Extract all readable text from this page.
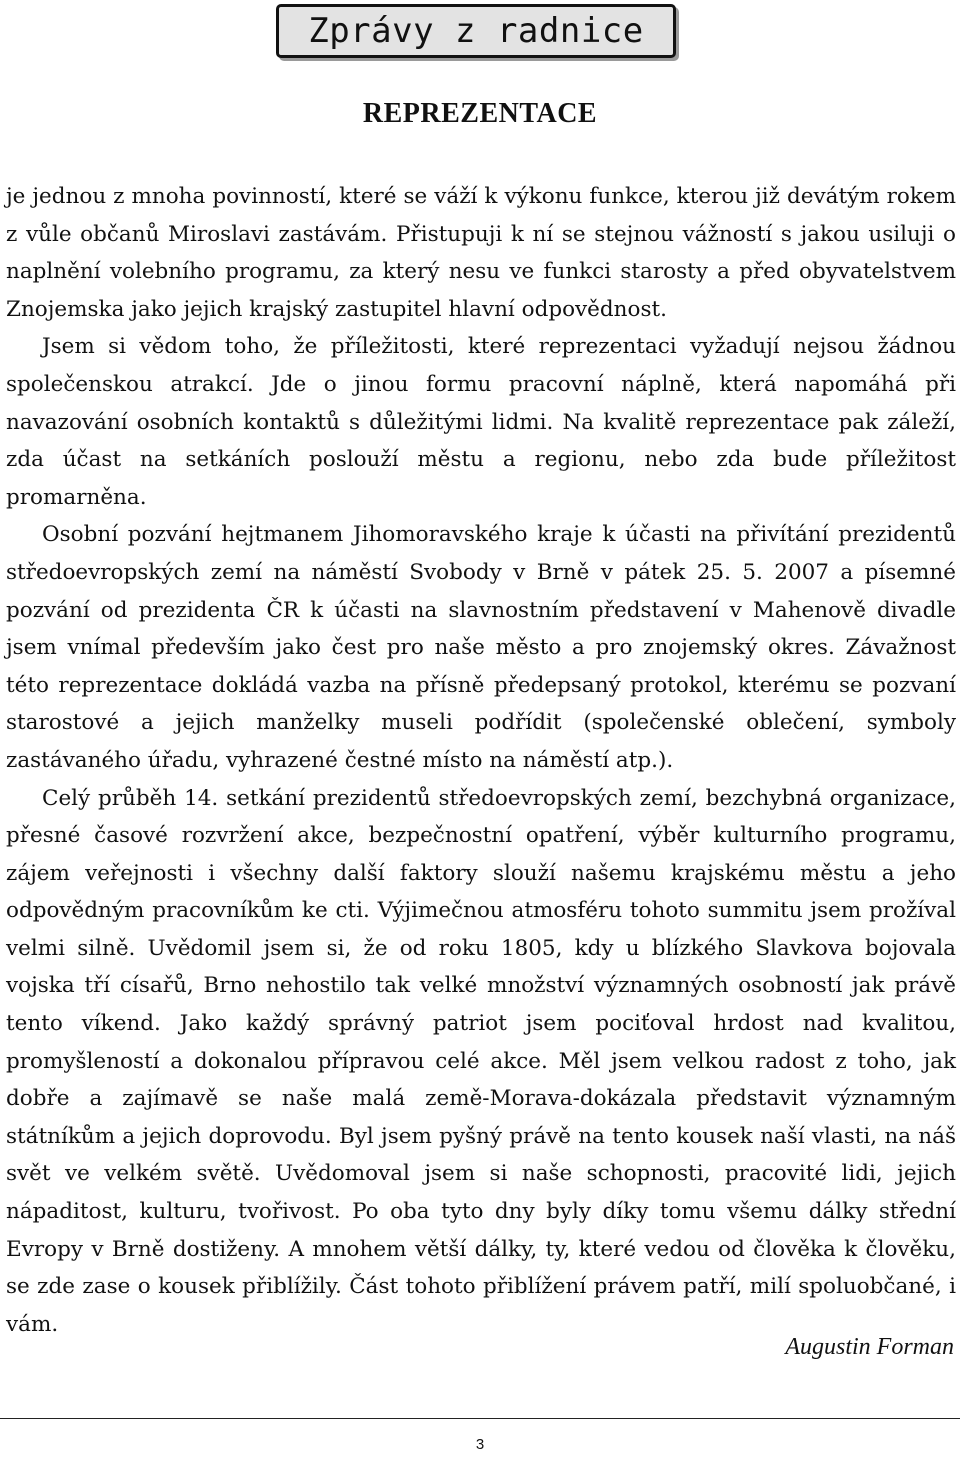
Zprávy z radnice
REPREZENTACE

je jednou z mnoha povinností, které se váží k výkonu funkce, kterou již devátým rokem z vůle občanů Miroslavi zastávám. Přistupuji k ní se stejnou vážností s jakou usiluji o naplnění volebního programu, za který nesu ve funkci starosty a před obyvatelstvem Znojemska jako jejich krajský zastupitel hlavní odpovědnost.

Jsem si vědom toho, že příležitosti, které reprezentaci vyžadují nejsou žádnou společenskou atrakcí. Jde o jinou formu pracovní náplně, která napomáhá při navazování osobních kontaktů s důležitými lidmi. Na kvalitě reprezentace pak záleží, zda účast na setkáních poslouží městu a regionu, nebo zda bude příležitost promarněna.

Osobní pozvání hejtmanem Jihomoravského kraje k účasti na přivítání prezidentů středoevropských zemí na náměstí Svobody v Brně v pátek 25. 5. 2007 a písemné pozvání od prezidenta ČR k účasti na slavnostním představení v Mahenově divadle jsem vnímal především jako čest pro naše město a pro znojemský okres. Závažnost této reprezentace dokládá vazba na přísně předepsaný protokol, kterému se pozvaní starostové a jejich manželky museli podřídit (společenské oblečení, symboly zastávaného úřadu, vyhrazené čestné místo na náměstí atp.).

Celý průběh 14. setkání prezidentů středoevropských zemí, bezchybná organizace, přesné časové rozvržení akce, bezpečnostní opatření, výběr kulturního programu, zájem veřejnosti i všechny další faktory slouží našemu krajskému městu a jeho odpovědným pracovníkům ke cti. Výjimečnou atmosféru tohoto summitu jsem prožíval velmi silně. Uvědomil jsem si, že od roku 1805, kdy u blízkého Slavkova bojovala vojska tří císařů, Brno nehostilo tak velké množství významných osobností jak právě tento víkend. Jako každý správný patriot jsem pociťoval hrdost nad kvalitou, promyšleností a dokonalou přípravou celé akce. Měl jsem velkou radost z toho, jak dobře a zajímavě se naše malá země-Morava-dokázala představit významným státníkům a jejich doprovodu. Byl jsem pyšný právě na tento kousek naší vlasti, na náš svět ve velkém světě. Uvědomoval jsem si naše schopnosti, pracovité lidi, jejich nápaditost, kulturu, tvořivost. Po oba tyto dny byly díky tomu všemu dálky střední Evropy v Brně dostiženy. A mnohem větší dálky, ty, které vedou od člověka k člověku, se zde zase o kousek přiblížily. Část tohoto přiblížení právem patří, milí spoluobčané, i vám.

Augustin Forman
3
